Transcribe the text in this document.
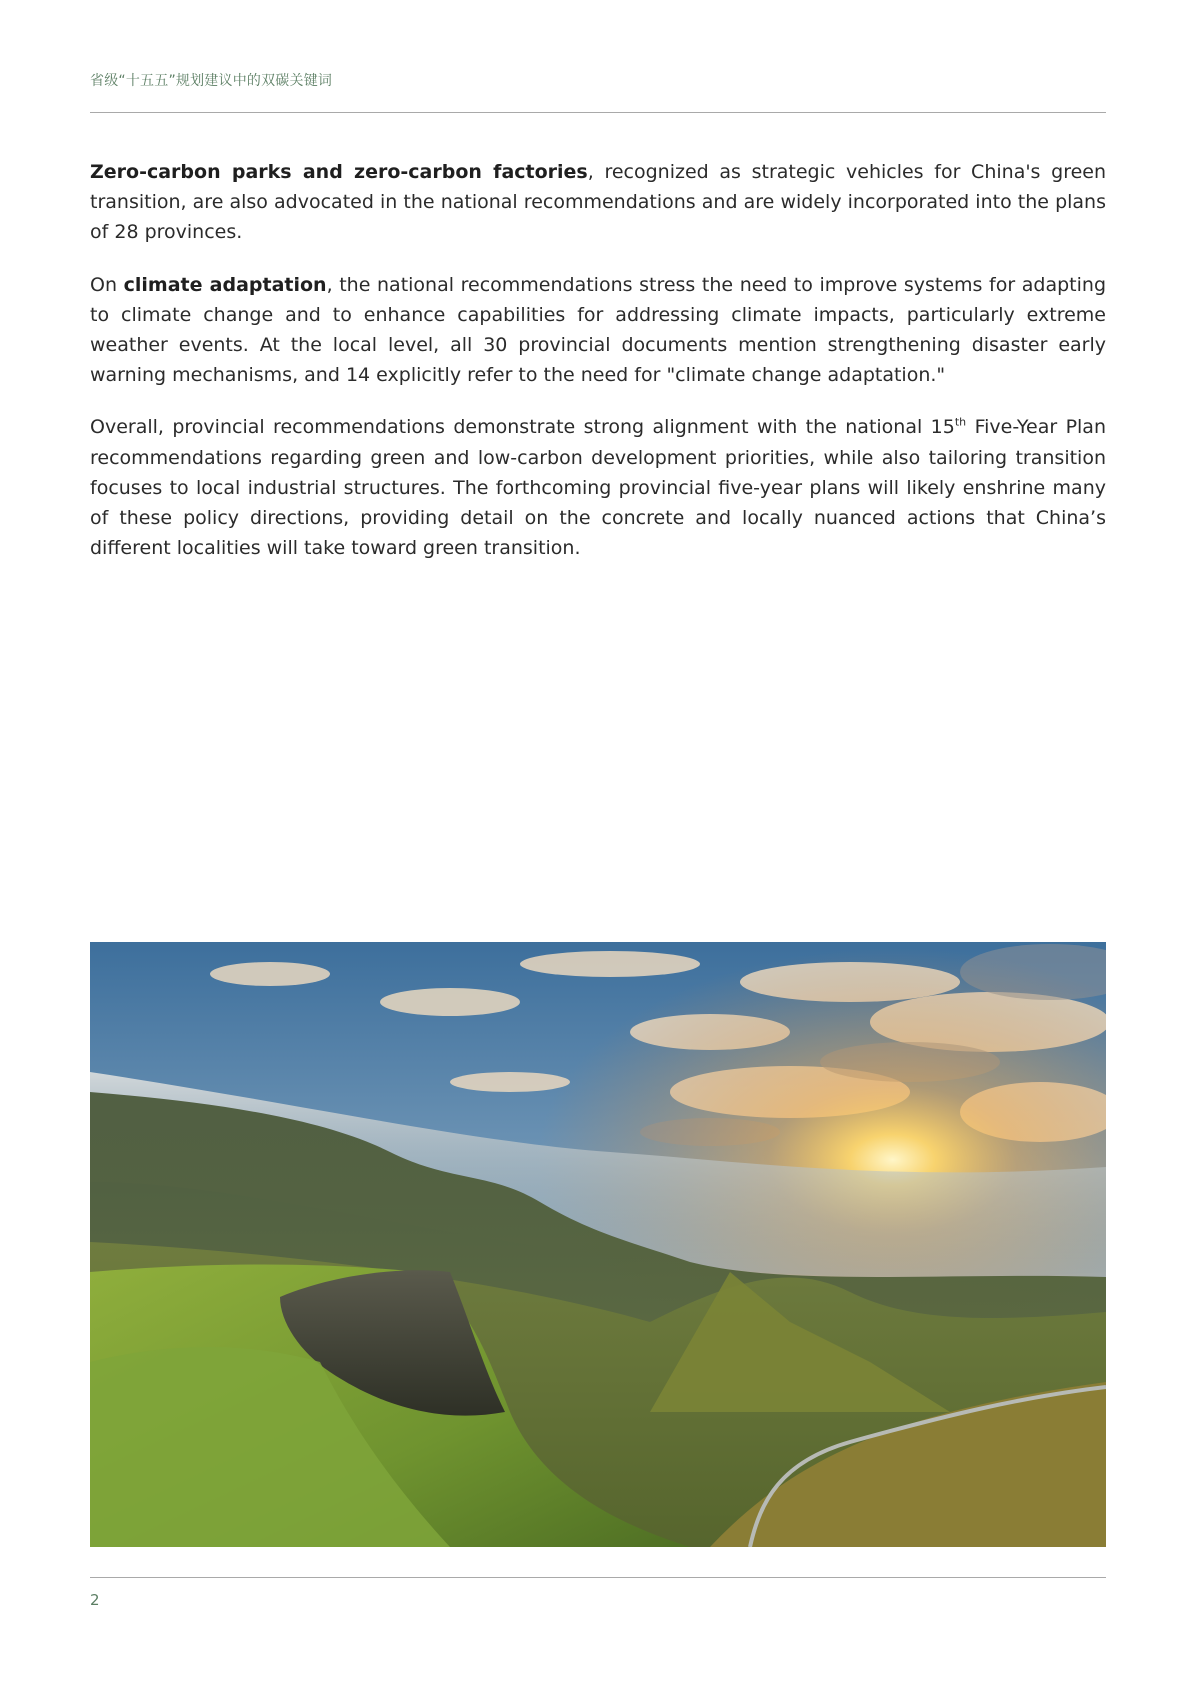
省级“十五五”规划建议中的双碳关键词

Zero-carbon parks and zero-carbon factories, recognized as strategic vehicles for China's green transition, are also advocated in the national recommendations and are widely incorporated into the plans of 28 provinces.

On climate adaptation, the national recommendations stress the need to improve systems for adapting to climate change and to enhance capabilities for addressing climate impacts, particularly extreme weather events. At the local level, all 30 provincial documents mention strengthening disaster early warning mechanisms, and 14 explicitly refer to the need for "climate change adaptation."

Overall, provincial recommendations demonstrate strong alignment with the national 15th Five-Year Plan recommendations regarding green and low-carbon development priorities, while also tailoring transition focuses to local industrial structures. The forthcoming provincial five-year plans will likely enshrine many of these policy directions, providing detail on the concrete and locally nuanced actions that China’s different localities will take toward green transition.

2
